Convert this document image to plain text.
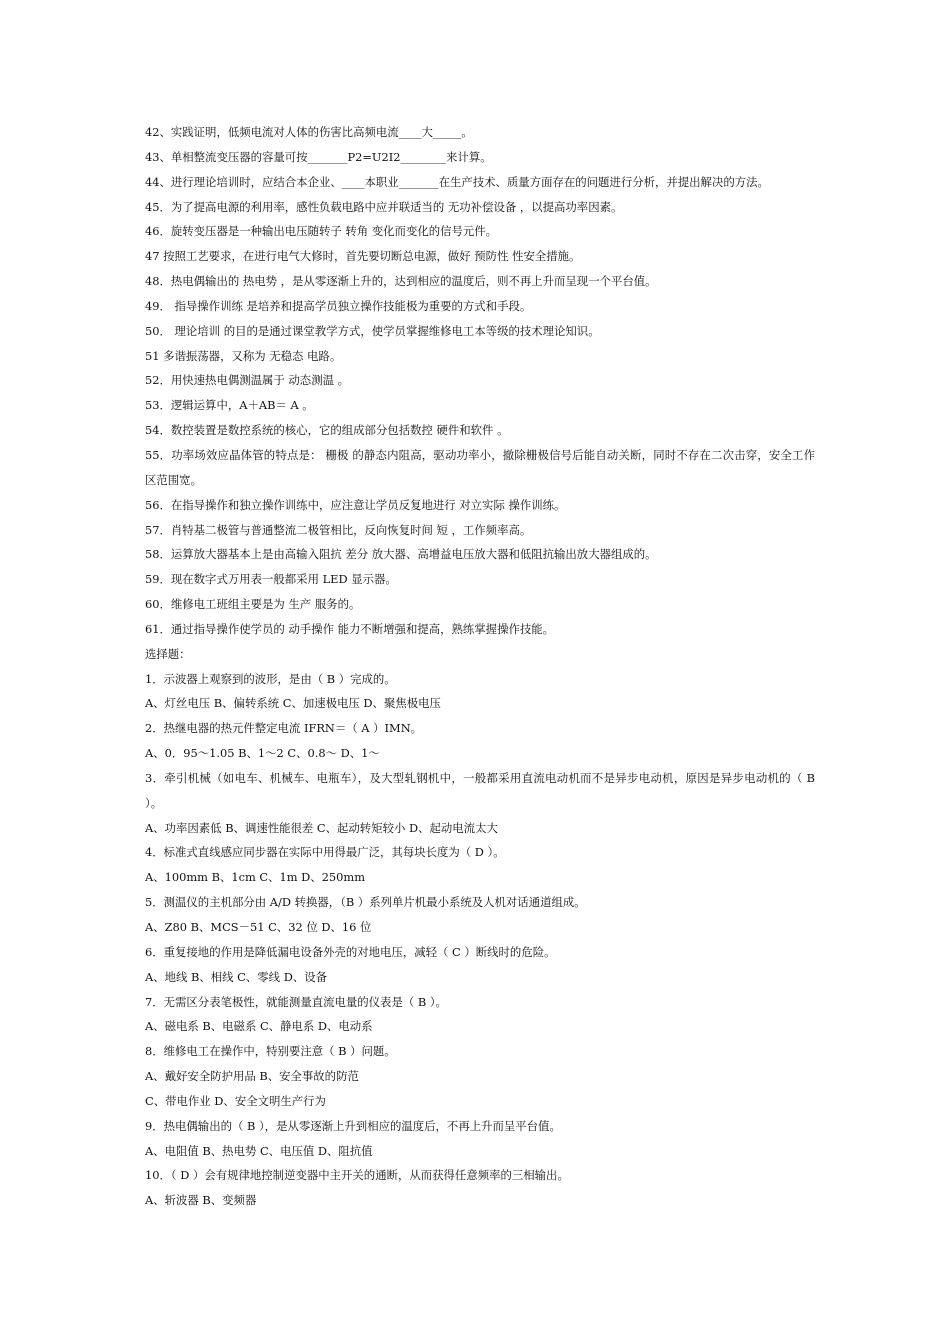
42、实践证明，低频电流对人体的伤害比高频电流____大_____。
43、单相整流变压器的容量可按_______P2=U2I2________来计算。
44、进行理论培训时，应结合本企业、____本职业_______在生产技术、质量方面存在的问题进行分析，并提出解决的方法。
45．为了提高电源的利用率，感性负载电路中应并联适当的 无功补偿设备 ，以提高功率因素。
46．旋转变压器是一种输出电压随转子 转角 变化而变化的信号元件。
47 按照工艺要求，在进行电气大修时，首先要切断总电源，做好 预防性 性安全措施。
48．热电偶输出的 热电势 ，是从零逐渐上升的，达到相应的温度后，则不再上升而呈现一个平台值。
49． 指导操作训练 是培养和提高学员独立操作技能极为重要的方式和手段。
50． 理论培训 的目的是通过课堂教学方式，使学员掌握维修电工本等级的技术理论知识。
51 多谐振荡器，又称为 无稳态 电路。
52．用快速热电偶测温属于 动态测温 。
53．逻辑运算中，A＋AB＝ A 。
54．数控装置是数控系统的核心，它的组成部分包括数控 硬件和软件 。
55．功率场效应晶体管的特点是： 栅极 的静态内阻高，驱动功率小，撤除栅极信号后能自动关断，同时不存在二次击穿，安全工作区范围宽。
56．在指导操作和独立操作训练中，应注意让学员反复地进行 对立实际 操作训练。
57．肖特基二极管与普通整流二极管相比，反向恢复时间 短 ，工作频率高。
58．运算放大器基本上是由高输入阻抗 差分 放大器、高增益电压放大器和低阻抗输出放大器组成的。
59．现在数字式万用表一般都采用 LED 显示器。
60．维修电工班组主要是为 生产 服务的。
61．通过指导操作使学员的 动手操作 能力不断增强和提高，熟练掌握操作技能。
选择题：
1．示波器上观察到的波形，是由（ B ）完成的。
A、灯丝电压 B、偏转系统 C、加速极电压 D、聚焦极电压
2．热继电器的热元件整定电流 IFRN＝（ A ）IMN。
A、0．95～1.05 B、1～2 C、0.8～ D、1～
3．牵引机械（如电车、机械车、电瓶车），及大型轧钢机中，一般都采用直流电动机而不是异步电动机，原因是异步电动机的（ B ）。
A、功率因素低 B、调速性能很差 C、起动转矩较小 D、起动电流太大
4．标准式直线感应同步器在实际中用得最广泛，其每块长度为（ D ）。
A、100mm B、1cm C、1m D、250mm
5．测温仪的主机部分由 A/D 转换器，（B ）系列单片机最小系统及人机对话通道组成。
A、Z80 B、MCS－51 C、32 位 D、16 位
6．重复接地的作用是降低漏电设备外壳的对地电压，减轻（ C ）断线时的危险。
A、地线 B、相线 C、零线 D、设备
7．无需区分表笔极性，就能测量直流电量的仪表是（ B ）。
A、磁电系 B、电磁系 C、静电系 D、电动系
8．维修电工在操作中，特别要注意（ B ）问题。
A、戴好安全防护用品 B、安全事故的防范
C、带电作业 D、安全文明生产行为
9．热电偶输出的（ B ），是从零逐渐上升到相应的温度后，不再上升而呈平台值。
A、电阻值 B、热电势 C、电压值 D、阻抗值
10．（ D ）会有规律地控制逆变器中主开关的通断，从而获得任意频率的三相输出。
A、斩波器 B、变频器
